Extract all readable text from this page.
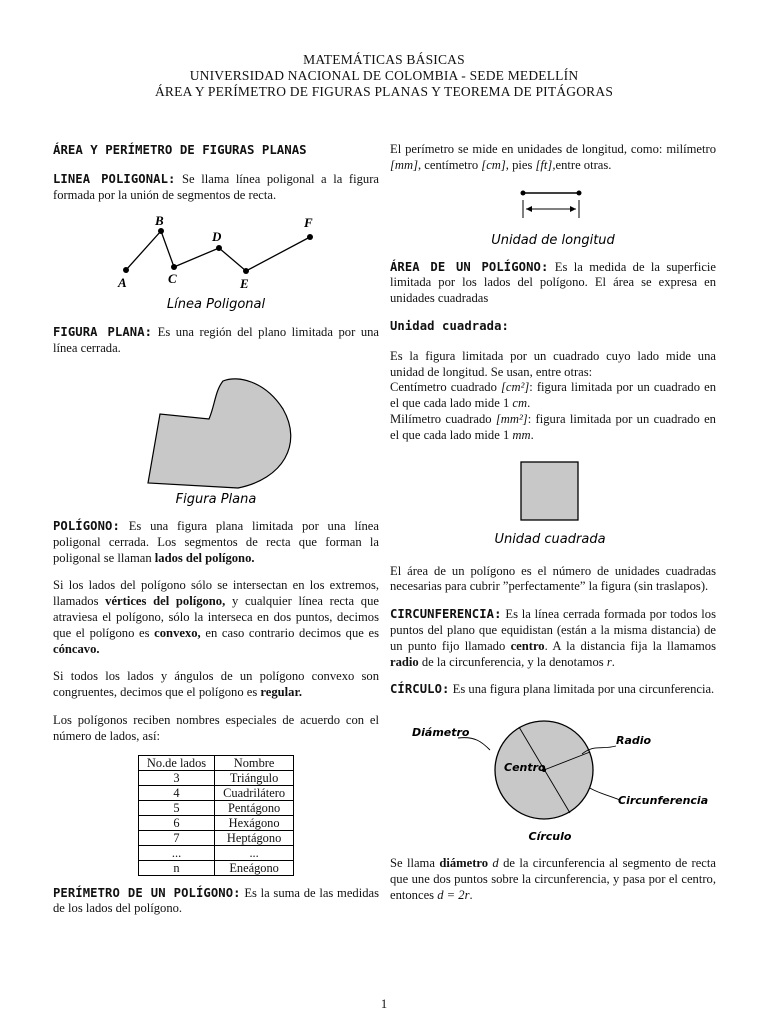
MATEMÁTICAS BÁSICAS
UNIVERSIDAD NACIONAL DE COLOMBIA - SEDE MEDELLÍN
ÁREA Y PERÍMETRO DE FIGURAS PLANAS Y TEOREMA DE PITÁGORAS
ÁREA Y PERÍMETRO DE FIGURAS PLANAS

LINEA POLIGONAL: Se llama línea poligonal a la figura formada por la unión de segmentos de recta.

A
B
C
D
E
F
Línea Poligonal

FIGURA PLANA: Es una región del plano limitada por una línea cerrada.

Figura Plana

POLÍGONO: Es una figura plana limitada por una línea poligonal cerrada. Los segmentos de recta que forman la poligonal se llaman lados del polígono.

Si los lados del polígono sólo se intersectan en los extremos, llamados vértices del polígono, y cualquier línea recta que atraviesa el polígono, sólo la interseca en dos puntos, decimos que el polígono es convexo, en caso contrario decimos que es cóncavo.

Si todos los lados y ángulos de un polígono convexo son congruentes, decimos que el polígono es regular.

Los polígonos reciben nombres especiales de acuerdo con el número de lados, así:

No.de lados	Nombre
3	Triángulo
4	Cuadrilátero
5	Pentágono
6	Hexágono
7	Heptágono
...	...
n	Eneágono

PERÍMETRO DE UN POLÍGONO: Es la suma de las medidas de los lados del polígono.

El perímetro se mide en unidades de longitud, como: milímetro [mm], centímetro [cm], pies [ft],entre otras.

Unidad de longitud

ÁREA DE UN POLÍGONO: Es la medida de la superficie limitada por los lados del polígono. El área se expresa en unidades cuadradas

Unidad cuadrada:

Es la figura limitada por un cuadrado cuyo lado mide una unidad de longitud. Se usan, entre otras:

Centímetro cuadrado [cm²]: figura limitada por un cuadrado en el que cada lado mide 1 cm.

Milímetro cuadrado [mm²]: figura limitada por un cuadrado en el que cada lado mide 1 mm.

Unidad cuadrada

El área de un polígono es el número de unidades cuadradas necesarias para cubrir ”perfectamente” la figura (sin traslapos).

CIRCUNFERENCIA: Es la línea cerrada formada por todos los puntos del plano que equidistan (están a la misma distancia) de un punto fijo llamado centro. A la distancia fija la llamamos radio de la circunferencia, y la denotamos r.

CÍRCULO: Es una figura plana limitada por una circunferencia.

Diámetro
Radio
Centro
Circunferencia
Círculo

Se llama diámetro d de la circunferencia al segmento de recta que une dos puntos sobre la circunferencia, y pasa por el centro, entonces d = 2r.

1
